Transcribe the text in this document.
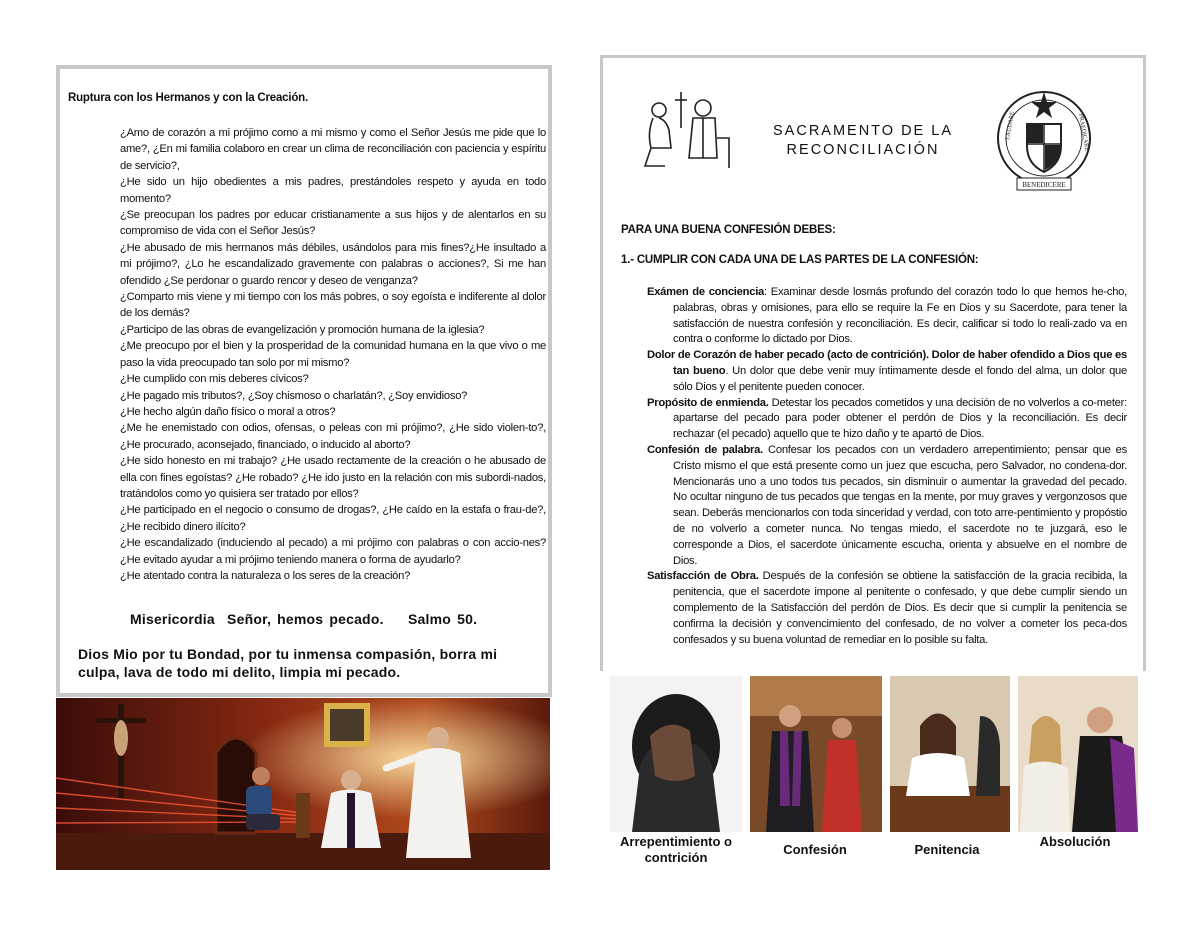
Ruptura con los Hermanos y con la Creación.
¿Amo de corazón a mi prójimo como a mi mismo y como el Señor Jesús me pide que lo ame?, ¿En mi familia colaboro en crear un clima de reconciliación con paciencia y espíritu de servicio?,
¿He sido un hijo obedientes a mis padres, prestándoles respeto y ayuda en todo momento?
¿Se preocupan los padres por educar cristianamente a sus hijos y de alentarlos en su compromiso de vida con el Señor Jesús?
¿He abusado de mis hermanos más débiles, usándolos para mis fines?¿He insultado a mi prójimo?, ¿Lo he escandalizado gravemente con palabras o acciones?, Si me han ofendido ¿Se perdonar o guardo rencor y deseo de venganza?
¿Comparto mis viene y mi tiempo con los más pobres, o soy egoísta e indiferente al dolor de los demás?
¿Participo de las obras de evangelización y promoción humana de la iglesia?
¿Me preocupo por el bien y la prosperidad de la comunidad humana en la que vivo o me paso la vida preocupado tan solo por mi mismo?
¿He cumplido con mis deberes cívicos?
¿He pagado mis tributos?, ¿Soy chismoso o charlatán?, ¿Soy envidioso?
¿He hecho algún daño físico o moral a otros?
¿Me he enemistado con odios, ofensas, o peleas con mi prójimo?, ¿He sido violen-to?, ¿He procurado, aconsejado, financiado, o inducido al aborto?
¿He sido honesto en mi trabajo? ¿He usado rectamente de la creación o he abusado de ella con fines egoístas? ¿He robado? ¿He ido justo en la relación con mis subordi-nados, tratándolos como yo quisiera ser tratado por ellos?
¿He participado en el negocio o consumo de drogas?, ¿He caído en la estafa o frau-de?, ¿He recibido dinero ilícito?
¿He escandalizado (induciendo al pecado) a mi prójimo con palabras o con accio-nes? ¿He evitado ayudar a mi prójimo teniendo manera o forma de ayudarlo?
¿He atentado contra la naturaleza o los seres de la creación?
Misericordia  Señor, hemos pecado.    Salmo 50.
Dios Mio por tu Bondad, por tu inmensa compasión, borra mi culpa, lava de todo mi delito, limpia mi pecado.
SACRAMENTO DE LA
RECONCILIACIÓN
LAUDARE	PRAEDICARE
BENEDICERE
PARA UNA BUENA CONFESIÓN DEBES:
1.- CUMPLIR CON CADA UNA DE LAS PARTES DE LA CONFESIÓN:
Exámen de conciencia: Examinar desde losmás profundo del corazón todo lo que hemos he-cho, palabras, obras y omisiones, para ello se require la Fe en Dios y su Sacerdote, para tener la satisfacción de nuestra confesión y reconciliación. Es decir, calificar si todo lo reali-zado va en contra o conforme lo dictado por Dios.
Dolor de Corazón de haber pecado (acto de contrición). Dolor de haber ofendido a Dios que es tan bueno. Un dolor que debe venir muy íntimamente desde el fondo del alma, un dolor que sólo Dios y el penitente pueden conocer.
Propósito de enmienda. Detestar los pecados cometidos y una decisión de no volverlos a co-meter: apartarse del pecado para poder obtener el perdón de Dios y la reconciliación. Es decir rechazar (el pecado) aquello que te hizo daño y te apartó de Dios.
Confesión de palabra. Confesar los pecados con un verdadero arrepentimiento; pensar que es Cristo mismo el que está presente como un juez que escucha, pero Salvador, no condena-dor. Mencionarás uno a uno todos tus pecados, sin disminuir o aumentar la gravedad del pecado. No ocultar ninguno de tus pecados que tengas en la mente, por muy graves y vergonzosos que sean. Deberás mencionarlos con toda sinceridad y verdad, con toto arre-pentimiento y propóstio de no volverlo a cometer nunca. No tengas miedo, el sacerdote no te juzgará, eso le corresponde a Dios, el sacerdote únicamente escucha, orienta y absuelve en el nombre de Dios.
Satisfacción de Obra. Después de la confesión se obtiene la satisfacción de la gracia recibida, la penitencia, que el sacerdote impone al penitente o confesado, y que debe cumplir siendo un complemento de la Satisfacción del perdón de Dios. Es decir que si cumplir la penitencia se confirma la decisión y convencimiento del confesado, de no volver a cometer los peca-dos confesados y su buena voluntad de remediar en lo posible su falta.
Arrepentimiento o contrición
Confesión	Penitencia
Absolución
